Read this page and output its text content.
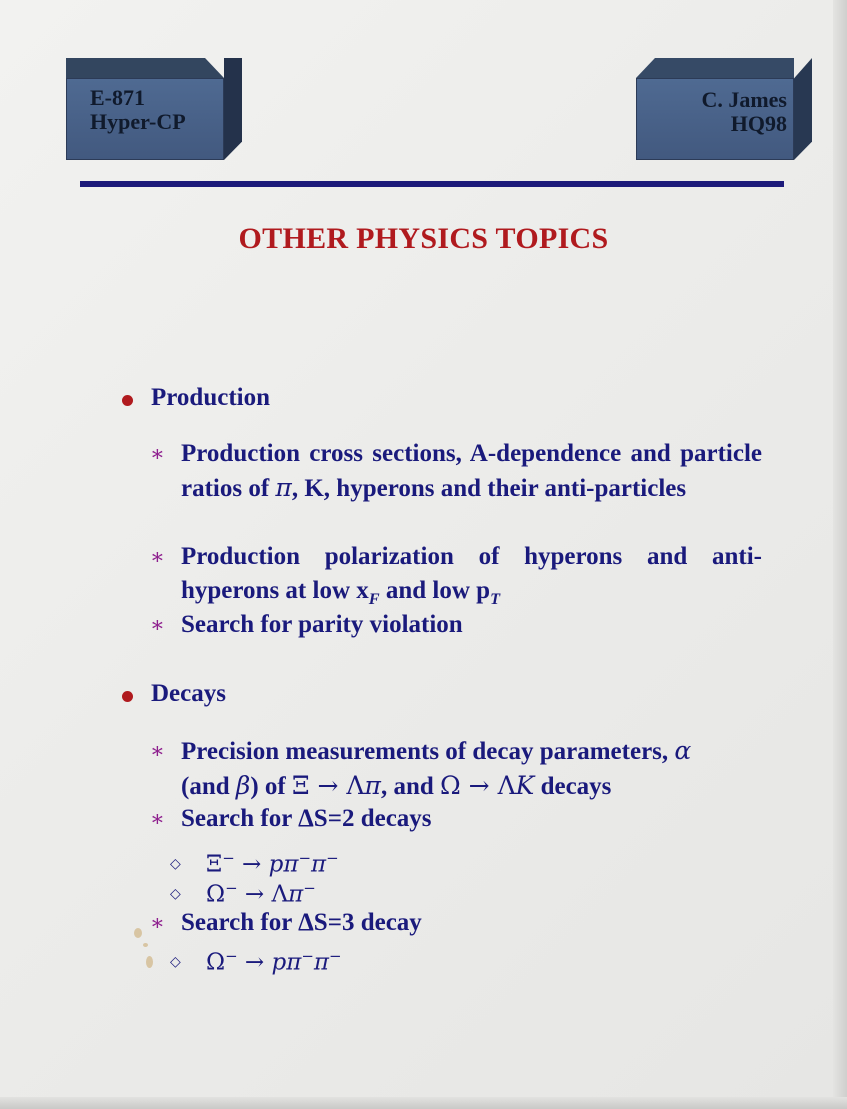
E-871
Hyper-CP
C. James
HQ98
OTHER PHYSICS TOPICS
Production
∗ Production cross sections, A-dependence and particle ratios of π, K, hyperons and their anti-particles
∗ Production polarization of hyperons and anti-hyperons at low $x_F$ and low $p_T$
∗ Search for parity violation
Decays
∗ Precision measurements of decay parameters, α
(and β) of Ξ → Λπ, and Ω → ΛK decays
∗ Search for ΔS=2 decays
◇ Ξ− → pπ−π−
◇ Ω− → Λπ−
∗ Search for ΔS=3 decay
◇ Ω− → pπ−π−
